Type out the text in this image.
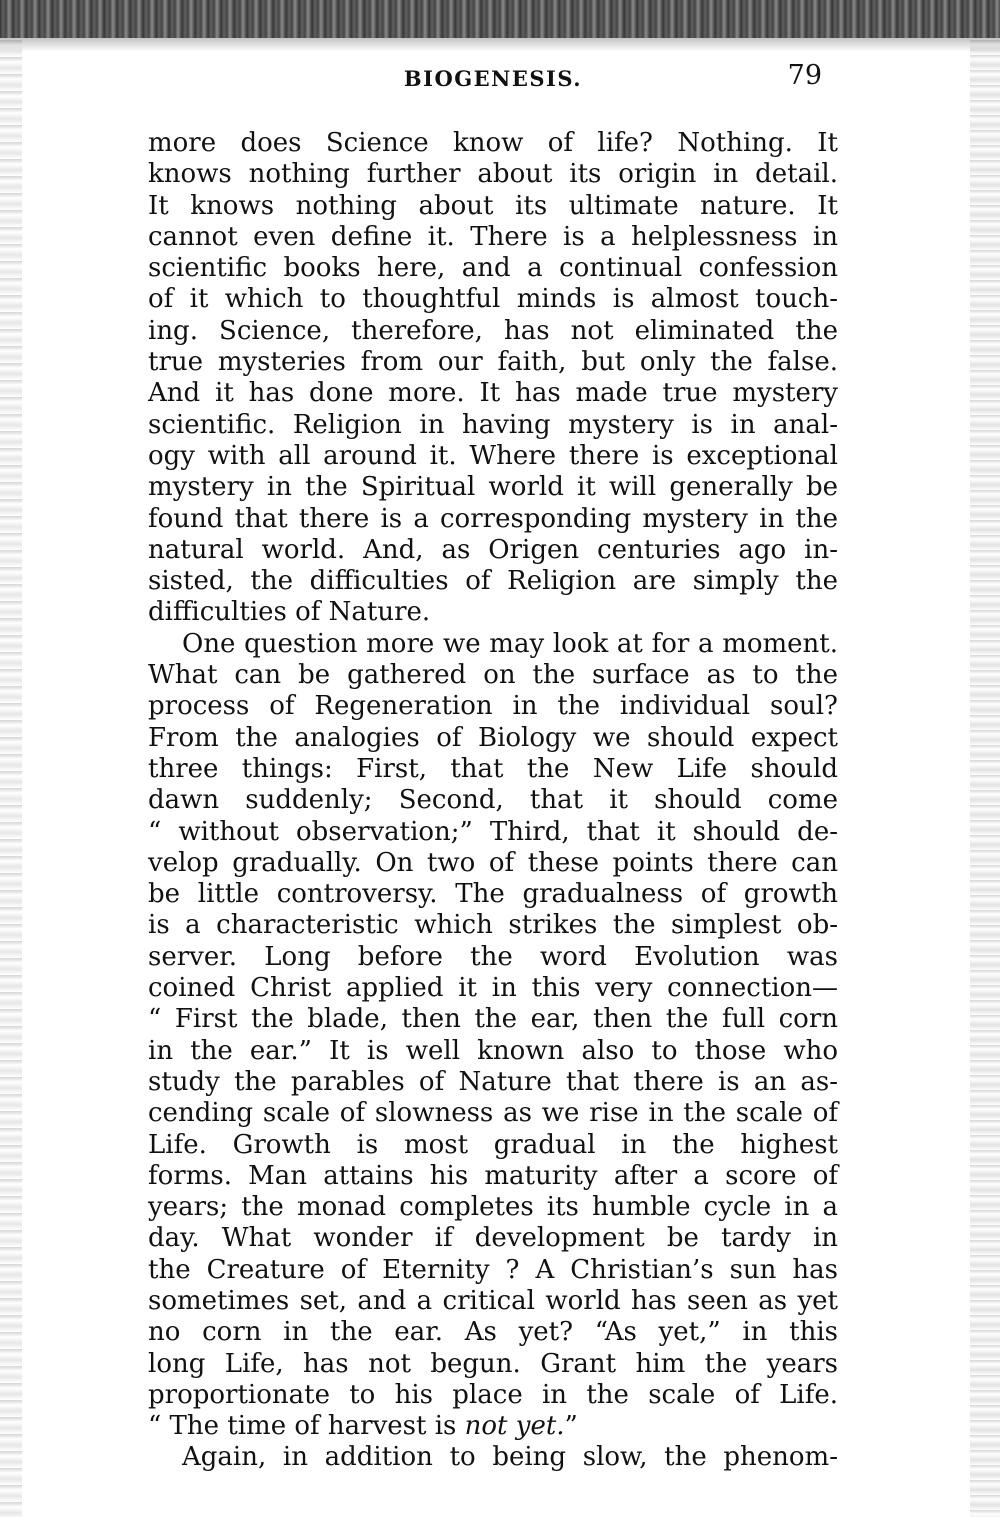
BIOGENESIS.	79
more does Science know of life? Nothing. It
knows nothing further about its origin in detail.
It knows nothing about its ultimate nature. It
cannot even define it. There is a helplessness in
scientific books here, and a continual confession
of it which to thoughtful minds is almost touch-
ing. Science, therefore, has not eliminated the
true mysteries from our faith, but only the false.
And it has done more. It has made true mystery
scientific. Religion in having mystery is in anal-
ogy with all around it. Where there is exceptional
mystery in the Spiritual world it will generally be
found that there is a corresponding mystery in the
natural world. And, as Origen centuries ago in-
sisted, the difficulties of Religion are simply the
difficulties of Nature.
One question more we may look at for a moment.
What can be gathered on the surface as to the
process of Regeneration in the individual soul?
From the analogies of Biology we should expect
three things: First, that the New Life should
dawn suddenly; Second, that it should come
“ without observation;” Third, that it should de-
velop gradually. On two of these points there can
be little controversy. The gradualness of growth
is a characteristic which strikes the simplest ob-
server. Long before the word Evolution was
coined Christ applied it in this very connection—
“ First the blade, then the ear, then the full corn
in the ear.” It is well known also to those who
study the parables of Nature that there is an as-
cending scale of slowness as we rise in the scale of
Life. Growth is most gradual in the highest
forms. Man attains his maturity after a score of
years; the monad completes its humble cycle in a
day. What wonder if development be tardy in
the Creature of Eternity ? A Christian’s sun has
sometimes set, and a critical world has seen as yet
no corn in the ear. As yet? “As yet,” in this
long Life, has not begun. Grant him the years
proportionate to his place in the scale of Life.
“ The time of harvest is not yet.”
Again, in addition to being slow, the phenom-
